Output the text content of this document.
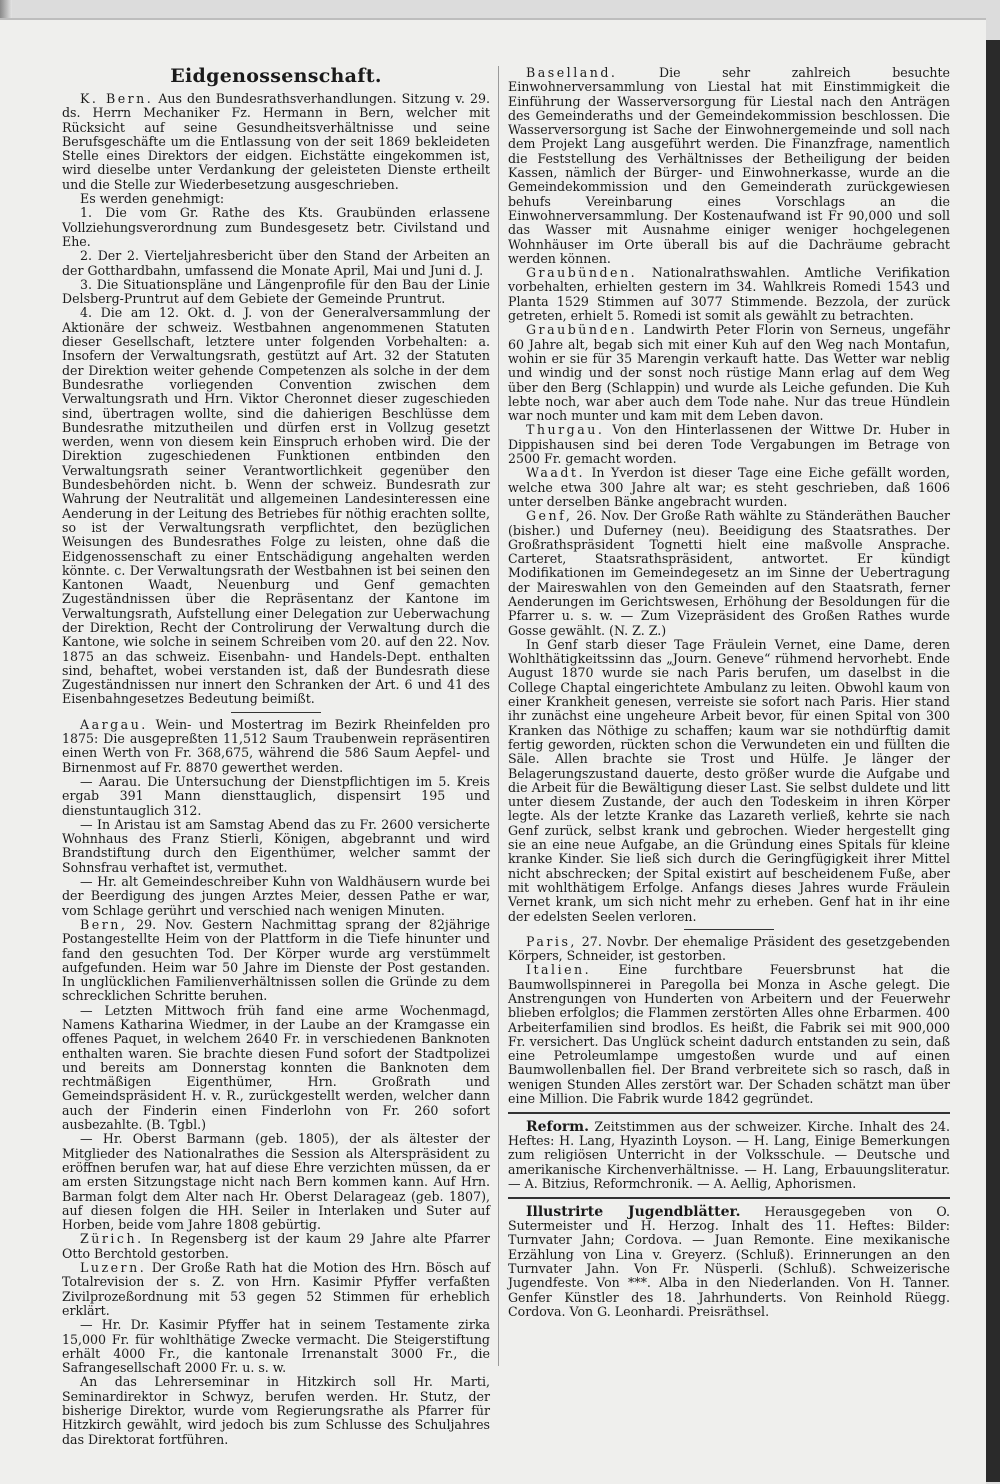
Eidgenossenschaft.

K. Bern. Aus den Bundesrathsverhandlungen. Sitzung v. 29. ds. Herrn Mechaniker Fz. Hermann in Bern, welcher mit Rücksicht auf seine Gesundheitsverhältnisse und seine Berufsgeschäfte um die Entlassung von der seit 1869 bekleideten Stelle eines Direktors der eidgen. Eichstätte eingekommen ist, wird dieselbe unter Verdankung der geleisteten Dienste ertheilt und die Stelle zur Wiederbesetzung ausgeschrieben.

Es werden genehmigt:

1. Die vom Gr. Rathe des Kts. Graubünden erlassene Vollziehungsverordnung zum Bundesgesetz betr. Civilstand und Ehe.

2. Der 2. Vierteljahresbericht über den Stand der Arbeiten an der Gotthardbahn, umfassend die Monate April, Mai und Juni d. J.

3. Die Situationspläne und Längenprofile für den Bau der Linie Delsberg-Pruntrut auf dem Gebiete der Gemeinde Pruntrut.

4. Die am 12. Okt. d. J. von der Generalversammlung der Aktionäre der schweiz. Westbahnen angenommenen Statuten dieser Gesellschaft, letztere unter folgenden Vorbehalten: a. Insofern der Verwaltungsrath, gestützt auf Art. 32 der Statuten der Direktion weiter gehende Competenzen als solche in der dem Bundesrathe vorliegenden Convention zwischen dem Verwaltungsrath und Hrn. Viktor Cheronnet dieser zugeschieden sind, übertragen wollte, sind die dahierigen Beschlüsse dem Bundesrathe mitzutheilen und dürfen erst in Vollzug gesetzt werden, wenn von diesem kein Einspruch erhoben wird. Die der Direktion zugeschiedenen Funktionen entbinden den Verwaltungsrath seiner Verantwortlichkeit gegenüber den Bundesbehörden nicht. b. Wenn der schweiz. Bundesrath zur Wahrung der Neutralität und allgemeinen Landesinteressen eine Aenderung in der Leitung des Betriebes für nöthig erachten sollte, so ist der Verwaltungsrath verpflichtet, den bezüglichen Weisungen des Bundesrathes Folge zu leisten, ohne daß die Eidgenossenschaft zu einer Entschädigung angehalten werden könnte. c. Der Verwaltungsrath der Westbahnen ist bei seinen den Kantonen Waadt, Neuenburg und Genf gemachten Zugeständnissen über die Repräsentanz der Kantone im Verwaltungsrath, Aufstellung einer Delegation zur Ueberwachung der Direktion, Recht der Controlirung der Verwaltung durch die Kantone, wie solche in seinem Schreiben vom 20. auf den 22. Nov. 1875 an das schweiz. Eisenbahn- und Handels-Dept. enthalten sind, behaftet, wobei verstanden ist, daß der Bundesrath diese Zugeständnissen nur innert den Schranken der Art. 6 und 41 des Eisenbahngesetzes Bedeutung beimißt.

Aargau. Wein- und Mostertrag im Bezirk Rheinfelden pro 1875: Die ausgepreßten 11,512 Saum Traubenwein repräsentiren einen Werth von Fr. 368,675, während die 586 Saum Aepfel- und Birnenmost auf Fr. 8870 gewerthet werden.

— Aarau. Die Untersuchung der Dienstpflichtigen im 5. Kreis ergab 391 Mann diensttauglich, dispensirt 195 und dienstuntauglich 312.

— In Aristau ist am Samstag Abend das zu Fr. 2600 versicherte Wohnhaus des Franz Stierli, Königen, abgebrannt und wird Brandstiftung durch den Eigenthümer, welcher sammt der Sohnsfrau verhaftet ist, vermuthet.

— Hr. alt Gemeindeschreiber Kuhn von Waldhäusern wurde bei der Beerdigung des jungen Arztes Meier, dessen Pathe er war, vom Schlage gerührt und verschied nach wenigen Minuten.

Bern, 29. Nov. Gestern Nachmittag sprang der 82jährige Postangestellte Heim von der Plattform in die Tiefe hinunter und fand den gesuchten Tod. Der Körper wurde arg verstümmelt aufgefunden. Heim war 50 Jahre im Dienste der Post gestanden. In unglücklichen Familienverhältnissen sollen die Gründe zu dem schrecklichen Schritte beruhen.

— Letzten Mittwoch früh fand eine arme Wochenmagd, Namens Katharina Wiedmer, in der Laube an der Kramgasse ein offenes Paquet, in welchem 2640 Fr. in verschiedenen Banknoten enthalten waren. Sie brachte diesen Fund sofort der Stadtpolizei und bereits am Donnerstag konnten die Banknoten dem rechtmäßigen Eigenthümer, Hrn. Großrath und Gemeindspräsident H. v. R., zurückgestellt werden, welcher dann auch der Finderin einen Finderlohn von Fr. 260 sofort ausbezahlte. (B. Tgbl.)

— Hr. Oberst Barmann (geb. 1805), der als ältester der Mitglieder des Nationalrathes die Session als Alterspräsident zu eröffnen berufen war, hat auf diese Ehre verzichten müssen, da er am ersten Sitzungstage nicht nach Bern kommen kann. Auf Hrn. Barman folgt dem Alter nach Hr. Oberst Delarageaz (geb. 1807), auf diesen folgen die HH. Seiler in Interlaken und Suter auf Horben, beide vom Jahre 1808 gebürtig.

Zürich. In Regensberg ist der kaum 29 Jahre alte Pfarrer Otto Berchtold gestorben.

Luzern. Der Große Rath hat die Motion des Hrn. Bösch auf Totalrevision der s. Z. von Hrn. Kasimir Pfyffer verfaßten Zivilprozeßordnung mit 53 gegen 52 Stimmen für erheblich erklärt.

— Hr. Dr. Kasimir Pfyffer hat in seinem Testamente zirka 15,000 Fr. für wohlthätige Zwecke vermacht. Die Steigerstiftung erhält 4000 Fr., die kantonale Irrenanstalt 3000 Fr., die Safrangesellschaft 2000 Fr. u. s. w.

An das Lehrerseminar in Hitzkirch soll Hr. Marti, Seminardirektor in Schwyz, berufen werden. Hr. Stutz, der bisherige Direktor, wurde vom Regierungsrathe als Pfarrer für Hitzkirch gewählt, wird jedoch bis zum Schlusse des Schuljahres das Direktorat fortführen.

Baselland. Die sehr zahlreich besuchte Einwohnerversammlung von Liestal hat mit Einstimmigkeit die Einführung der Wasserversorgung für Liestal nach den Anträgen des Gemeinderaths und der Gemeindekommission beschlossen. Die Wasserversorgung ist Sache der Einwohnergemeinde und soll nach dem Projekt Lang ausgeführt werden. Die Finanzfrage, namentlich die Feststellung des Verhältnisses der Betheiligung der beiden Kassen, nämlich der Bürger- und Einwohnerkasse, wurde an die Gemeindekommission und den Gemeinderath zurückgewiesen behufs Vereinbarung eines Vorschlags an die Einwohnerversammlung. Der Kostenaufwand ist Fr 90,000 und soll das Wasser mit Ausnahme einiger weniger hochgelegenen Wohnhäuser im Orte überall bis auf die Dachräume gebracht werden können.

Graubünden. Nationalrathswahlen. Amtliche Verifikation vorbehalten, erhielten gestern im 34. Wahlkreis Romedi 1543 und Planta 1529 Stimmen auf 3077 Stimmende. Bezzola, der zurück getreten, erhielt 5. Romedi ist somit als gewählt zu betrachten.

Graubünden. Landwirth Peter Florin von Serneus, ungefähr 60 Jahre alt, begab sich mit einer Kuh auf den Weg nach Montafun, wohin er sie für 35 Marengin verkauft hatte. Das Wetter war neblig und windig und der sonst noch rüstige Mann erlag auf dem Weg über den Berg (Schlappin) und wurde als Leiche gefunden. Die Kuh lebte noch, war aber auch dem Tode nahe. Nur das treue Hündlein war noch munter und kam mit dem Leben davon.

Thurgau. Von den Hinterlassenen der Wittwe Dr. Huber in Dippishausen sind bei deren Tode Vergabungen im Betrage von 2500 Fr. gemacht worden.

Waadt. In Yverdon ist dieser Tage eine Eiche gefällt worden, welche etwa 300 Jahre alt war; es steht geschrieben, daß 1606 unter derselben Bänke angebracht wurden.

Genf, 26. Nov. Der Große Rath wählte zu Ständeräthen Baucher (bisher.) und Duferney (neu). Beeidigung des Staatsrathes. Der Großrathspräsident Tognetti hielt eine maßvolle Ansprache. Carteret, Staatsrathspräsident, antwortet. Er kündigt Modifikationen im Gemeindegesetz an im Sinne der Uebertragung der Maireswahlen von den Gemeinden auf den Staatsrath, ferner Aenderungen im Gerichtswesen, Erhöhung der Besoldungen für die Pfarrer u. s. w. — Zum Vizepräsident des Großen Rathes wurde Gosse gewählt. (N. Z. Z.)

In Genf starb dieser Tage Fräulein Vernet, eine Dame, deren Wohlthätigkeitssinn das „Journ. Geneve“ rühmend hervorhebt. Ende August 1870 wurde sie nach Paris berufen, um daselbst in die College Chaptal eingerichtete Ambulanz zu leiten. Obwohl kaum von einer Krankheit genesen, verreiste sie sofort nach Paris. Hier stand ihr zunächst eine ungeheure Arbeit bevor, für einen Spital von 300 Kranken das Nöthige zu schaffen; kaum war sie nothdürftig damit fertig geworden, rückten schon die Verwundeten ein und füllten die Säle. Allen brachte sie Trost und Hülfe. Je länger der Belagerungszustand dauerte, desto größer wurde die Aufgabe und die Arbeit für die Bewältigung dieser Last. Sie selbst duldete und litt unter diesem Zustande, der auch den Todeskeim in ihren Körper legte. Als der letzte Kranke das Lazareth verließ, kehrte sie nach Genf zurück, selbst krank und gebrochen. Wieder hergestellt ging sie an eine neue Aufgabe, an die Gründung eines Spitals für kleine kranke Kinder. Sie ließ sich durch die Geringfügigkeit ihrer Mittel nicht abschrecken; der Spital existirt auf bescheidenem Fuße, aber mit wohlthätigem Erfolge. Anfangs dieses Jahres wurde Fräulein Vernet krank, um sich nicht mehr zu erheben. Genf hat in ihr eine der edelsten Seelen verloren.

Paris, 27. Novbr. Der ehemalige Präsident des gesetzgebenden Körpers, Schneider, ist gestorben.

Italien. Eine furchtbare Feuersbrunst hat die Baumwollspinnerei in Paregolla bei Monza in Asche gelegt. Die Anstrengungen von Hunderten von Arbeitern und der Feuerwehr blieben erfolglos; die Flammen zerstörten Alles ohne Erbarmen. 400 Arbeiterfamilien sind brodlos. Es heißt, die Fabrik sei mit 900,000 Fr. versichert. Das Unglück scheint dadurch entstanden zu sein, daß eine Petroleumlampe umgestoßen wurde und auf einen Baumwollenballen fiel. Der Brand verbreitete sich so rasch, daß in wenigen Stunden Alles zerstört war. Der Schaden schätzt man über eine Million. Die Fabrik wurde 1842 gegründet.

Reform. Zeitstimmen aus der schweizer. Kirche. Inhalt des 24. Heftes: H. Lang, Hyazinth Loyson. — H. Lang, Einige Bemerkungen zum religiösen Unterricht in der Volksschule. — Deutsche und amerikanische Kirchenverhältnisse. — H. Lang, Erbauungsliteratur. — A. Bitzius, Reformchronik. — A. Aellig, Aphorismen.

Illustrirte Jugendblätter. Herausgegeben von O. Sutermeister und H. Herzog. Inhalt des 11. Heftes: Bilder: Turnvater Jahn; Cordova. — Juan Remonte. Eine mexikanische Erzählung von Lina v. Greyerz. (Schluß). Erinnerungen an den Turnvater Jahn. Von Fr. Nüsperli. (Schluß). Schweizerische Jugendfeste. Von ***. Alba in den Niederlanden. Von H. Tanner. Genfer Künstler des 18. Jahrhunderts. Von Reinhold Rüegg. Cordova. Von G. Leonhardi. Preisräthsel.
